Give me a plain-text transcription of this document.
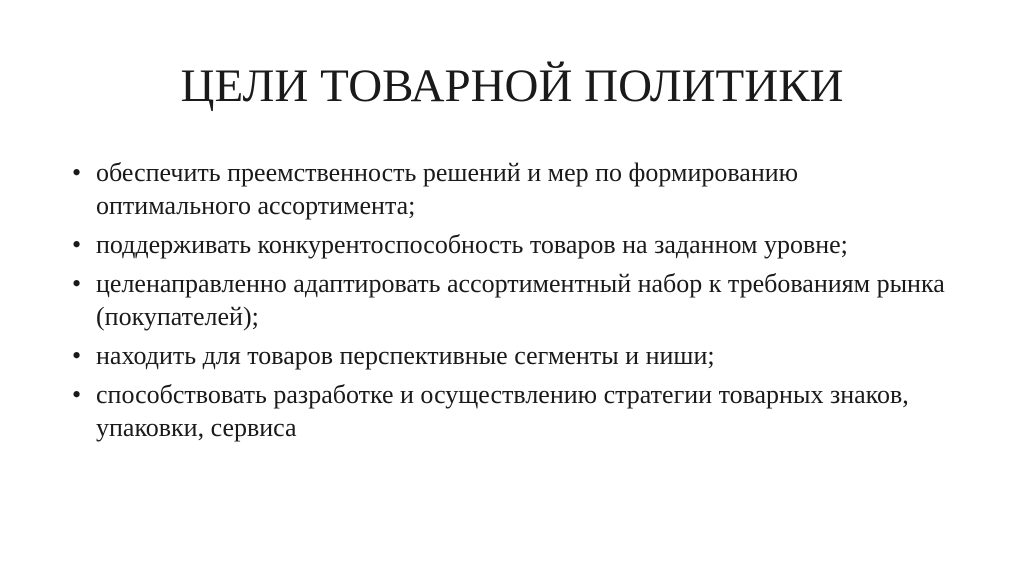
ЦЕЛИ ТОВАРНОЙ ПОЛИТИКИ
• обеспечить преемственность решений и мер по формированию оптимального ассортимента;
• поддерживать конкурентоспособность товаров на заданном уровне;
• целенаправленно адаптировать ассортиментный набор к требованиям рынка (покупателей);
• находить для товаров перспективные сегменты и ниши;
• способствовать разработке и осуществлению стратегии товарных знаков, упаковки, сервиса
